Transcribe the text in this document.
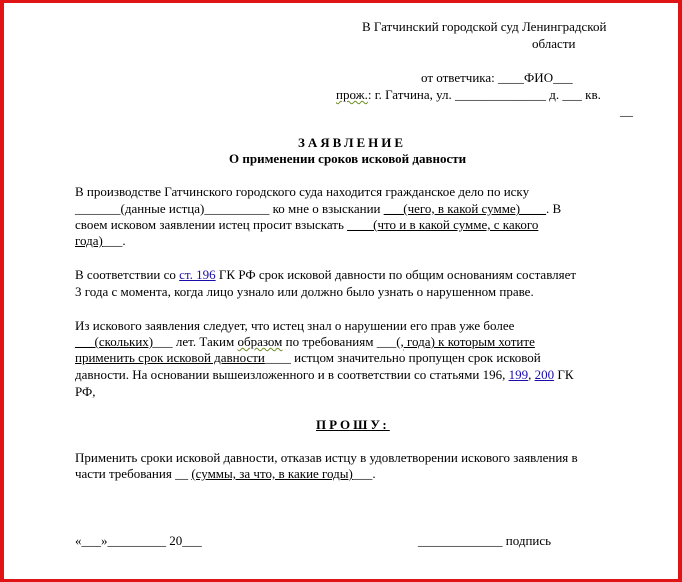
В Гатчинский городской суд Ленинградской
области
от ответчика: ____ФИО___
прож.: г. Гатчина, ул. ______________ д. ___ кв.
__
ЗАЯВЛЕНИЕ
О применении сроков исковой давности
В производстве Гатчинского городского суда находится гражданское дело по иску
_______(данные истца)__________ ко мне о взыскании ___(чего, в какой сумме)____. В
своем исковом заявлении истец просит взыскать ____(что и в какой сумме, с какого
года)___.
В соответствии со ст. 196 ГК РФ срок исковой давности по общим основаниям составляет
3 года с момента, когда лицо узнало или должно было узнать о нарушенном праве.
Из искового заявления следует, что истец знал о нарушении его прав уже более
___(скольких)___ лет. Таким образом по требованиям ___(, года) к которым хотите
применить срок исковой давности____ истцом значительно пропущен срок исковой
давности. На основании вышеизложенного и в соответствии со статьями 196, 199, 200 ГК
РФ,
ПРОШУ:
Применить сроки исковой давности, отказав истцу в удовлетворении искового заявления в
части требования __ (суммы, за что, в какие годы)___.
«___»_________ 20___	_____________ подпись
